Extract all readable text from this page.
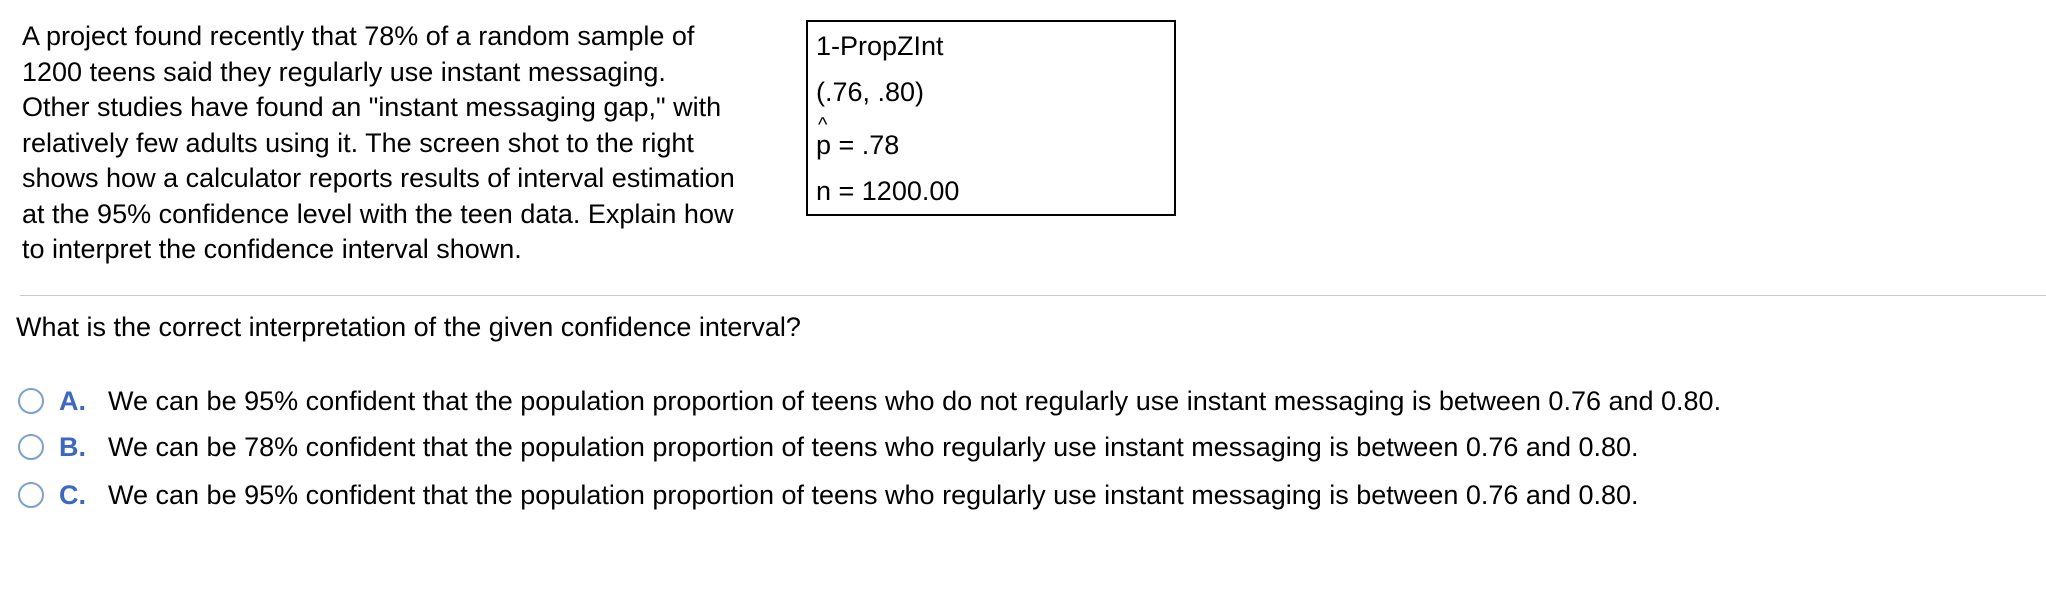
A project found recently that 78% of a random sample of
1200 teens said they regularly use instant messaging.
Other studies have found an "instant messaging gap," with
relatively few adults using it. The screen shot to the right
shows how a calculator reports results of interval estimation
at the 95% confidence level with the teen data. Explain how
to interpret the confidence interval shown.
1-PropZInt
(.76, .80)
^
p = .78
n = 1200.00
What is the correct interpretation of the given confidence interval?
A. We can be 95% confident that the population proportion of teens who do not regularly use instant messaging is between 0.76 and 0.80.
B. We can be 78% confident that the population proportion of teens who regularly use instant messaging is between 0.76 and 0.80.
C. We can be 95% confident that the population proportion of teens who regularly use instant messaging is between 0.76 and 0.80.
